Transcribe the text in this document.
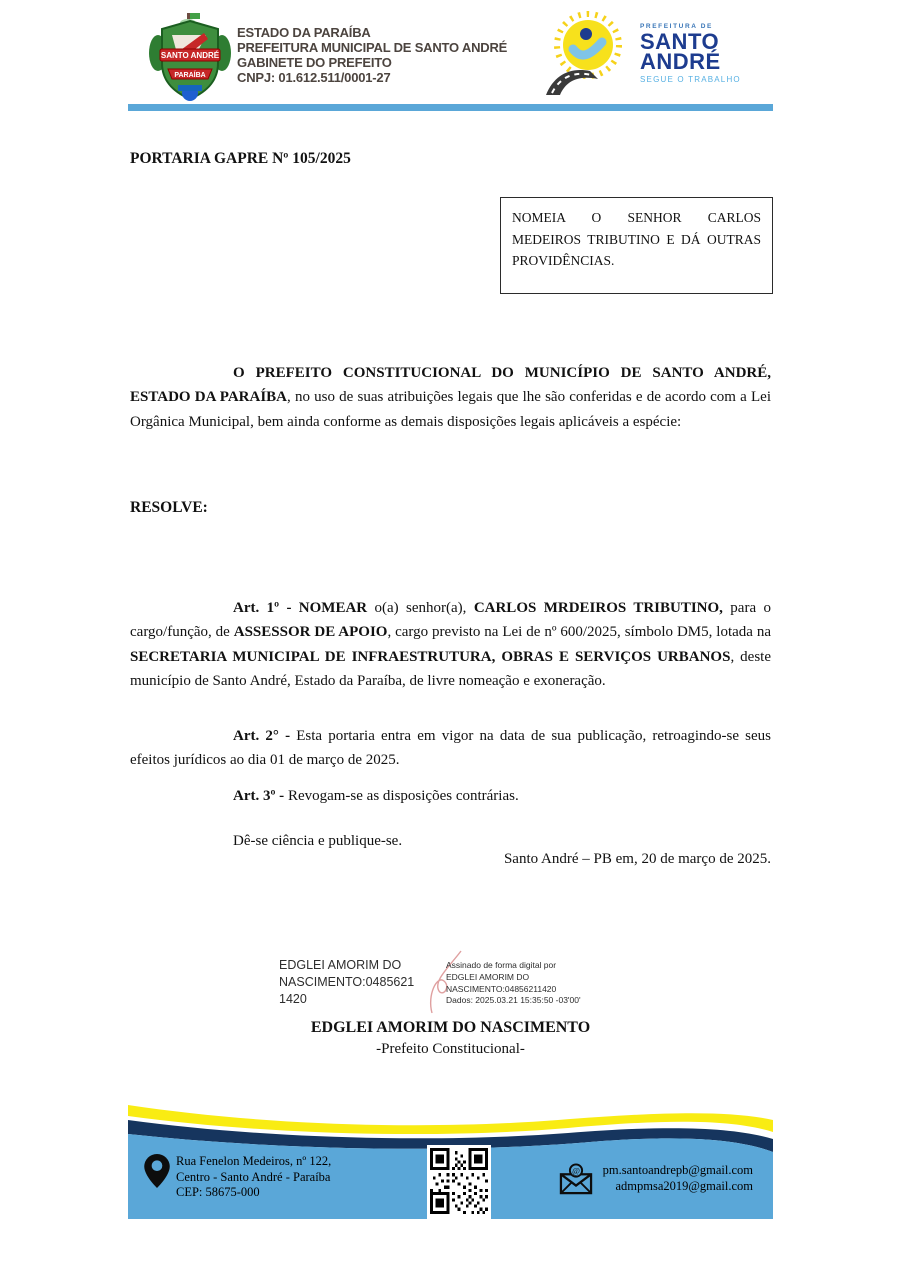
SANTO ANDRÉ
PARAÍBA
ESTADO DA PARAÍBA
PREFEITURA MUNICIPAL DE SANTO ANDRÉ
GABINETE DO PREFEITO
CNPJ: 01.612.511/0001-27
PREFEITURA DE
SANTO
ANDRÉ
SEGUE O TRABALHO
PORTARIA GAPRE Nº 105/2025
NOMEIA O SENHOR CARLOS MEDEIROS TRIBUTINO E DÁ OUTRAS PROVIDÊNCIAS.

O PREFEITO CONSTITUCIONAL DO MUNICÍPIO DE SANTO ANDRÉ, ESTADO DA PARAÍBA, no uso de suas atribuições legais que lhe são conferidas e de acordo com a Lei Orgânica Municipal, bem ainda conforme as demais disposições legais aplicáveis a espécie:

RESOLVE:

Art. 1º - NOMEAR o(a) senhor(a), CARLOS MRDEIROS TRIBUTINO, para o cargo/função, de ASSESSOR DE APOIO, cargo previsto na Lei de nº 600/2025, símbolo DM5, lotada na SECRETARIA MUNICIPAL DE INFRAESTRUTURA, OBRAS E SERVIÇOS URBANOS, deste município de Santo André, Estado da Paraíba, de livre nomeação e exoneração.

Art. 2° - Esta portaria entra em vigor na data de sua publicação, retroagindo-se seus efeitos jurídicos ao dia 01 de março de 2025.

Art. 3º - Revogam-se as disposições contrárias.

Dê-se ciência e publique-se.

Santo André – PB em, 20 de março de 2025.
EDGLEI AMORIM DO
NASCIMENTO:0485621
1420
Assinado de forma digital por
EDGLEI AMORIM DO
NASCIMENTO:04856211420
Dados: 2025.03.21 15:35:50 -03'00'
EDGLEI AMORIM DO NASCIMENTO
-Prefeito Constitucional-
Rua Fenelon Medeiros, nº 122,
Centro - Santo André - Paraíba
CEP: 58675-000
@ pm.santoandrepb@gmail.com
admpmsa2019@gmail.com
